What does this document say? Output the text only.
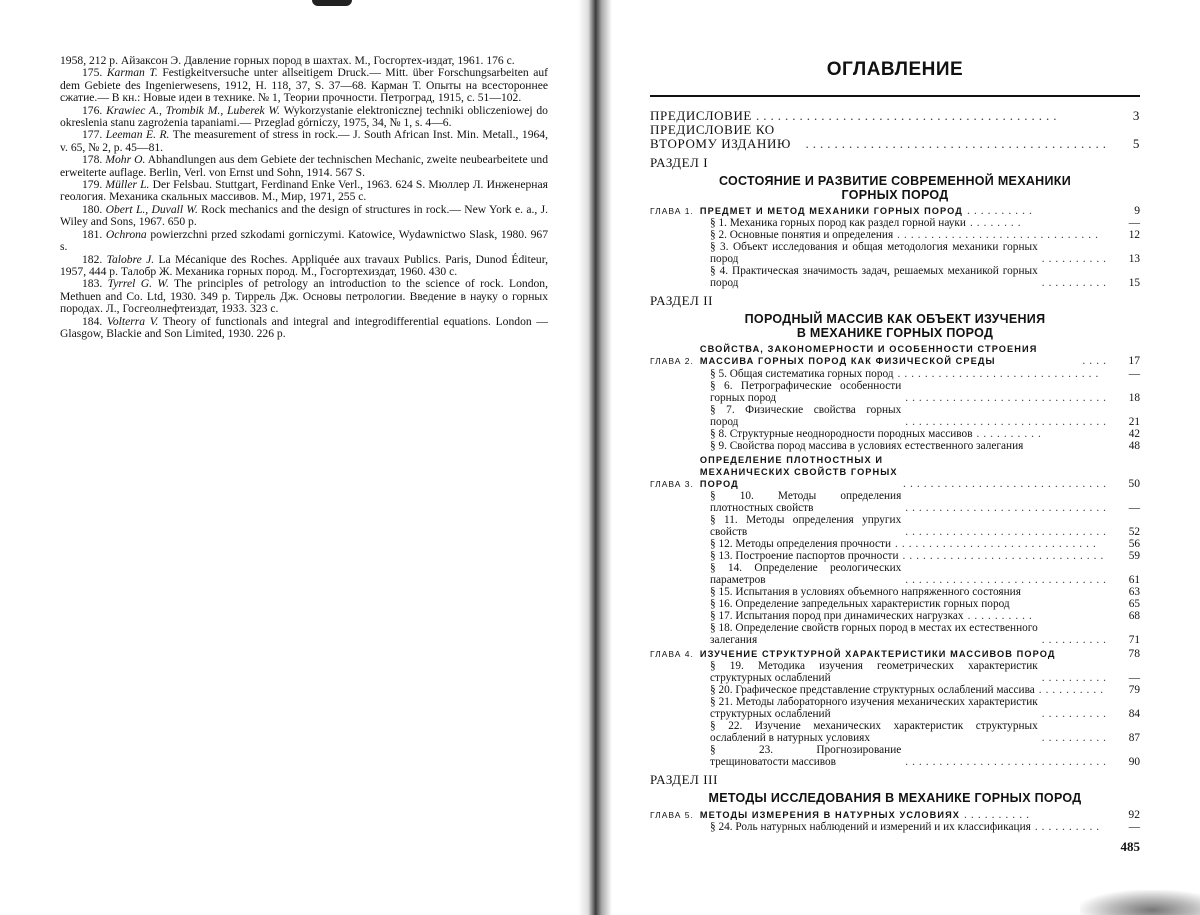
1958, 212 р. Айзаксон Э. Давление горных пород в шахтах. М., Госгортех-издат, 1961. 176 с.

175. Karman T. Festigkeitversuche unter allseitigem Druck.— Mitt. über Forschungsarbeiten auf dem Gebiete des Ingenierwesens, 1912, H. 118, 37, S. 37—68. Карман Т. Опыты на всестороннее сжатие.— В кн.: Новые идеи в технике. № 1, Теории прочности. Петроград, 1915, с. 51—102.

176. Krawiec A., Trombik M., Luberek W. Wykorzystanie elektronicznej techniki obliczeniowej do okreslenia stanu zagrożenia tapaniami.— Przeglad górniczy, 1975, 34, № 1, s. 4—6.

177. Leeman E. R. The measurement of stress in rock.— J. South African Inst. Min. Metall., 1964, v. 65, № 2, p. 45—81.

178. Mohr O. Abhandlungen aus dem Gebiete der technischen Mechanic, zweite neubearbeitete und erweiterte auflage. Berlin, Verl. von Ernst und Sohn, 1914. 567 S.

179. Müller L. Der Felsbau. Stuttgart, Ferdinand Enke Verl., 1963. 624 S. Мюллер Л. Инженерная геология. Механика скальных массивов. М., Мир, 1971, 255 с.

180. Obert L., Duvall W. Rock mechanics and the design of structures in rock.— New York e. a., J. Wiley and Sons, 1967. 650 p.

181. Ochrona powierzchni przed szkodami gorniczymi. Katowice, Wydawnictwo Slask, 1980. 967 s.

182. Talobre J. La Mécanique des Roches. Appliquée aux travaux Publics. Paris, Dunod Éditeur, 1957, 444 p. Талобр Ж. Механика горных пород. М., Госгортехиздат, 1960. 430 с.

183. Tyrrel G. W. The principles of petrology an introduction to the science of rock. London, Methuen and Co. Ltd, 1930. 349 p. Тиррель Дж. Основы петрологии. Введение в науку о горных породах. Л., Госгеолнефтеиздат, 1933. 323 с.

184. Volterra V. Theory of functionals and integral and integrodifferential equations. London — Glasgow, Blackie and Son Limited, 1930. 226 p.

ОГЛАВЛЕНИЕ
ПРЕДИСЛОВИЕ ..........................................	3
ПРЕДИСЛОВИЕ КО ВТОРОМУ ИЗДАНИЮ	..........................................	5
РАЗДЕЛ I
СОСТОЯНИЕ И РАЗВИТИЕ СОВРЕМЕННОЙ МЕХАНИКИ
ГОРНЫХ ПОРОД
ГЛАВА 1. ПРЕДМЕТ И МЕТОД МЕХАНИКИ ГОРНЫХ ПОРОД ..........	9
§ 1. Механика горных пород как раздел горной науки ........	—
§ 2. Основные понятия и определения ..............................	12
§ 3. Объект исследования и общая методология механики горных пород	..........	13
§ 4. Практическая значимость задач, решаемых механикой горных пород	..........	15
РАЗДЕЛ II
ПОРОДНЫЙ МАССИВ КАК ОБЪЕКТ ИЗУЧЕНИЯ
В МЕХАНИКЕ ГОРНЫХ ПОРОД
ГЛАВА 2.
СВОЙСТВА, ЗАКОНОМЕРНОСТИ И ОСОБЕННОСТИ СТРОЕНИЯ МАССИВА ГОРНЫХ ПОРОД КАК ФИЗИЧЕСКОЙ СРЕДЫ	....	17
§ 5. Общая систематика горных пород ..............................	—
§ 6. Петрографические особенности горных пород	..............................	18
§ 7. Физические свойства горных пород	..............................	21
§ 8. Структурные неоднородности породных массивов ..........	42
§ 9. Свойства пород массива в условиях естественного залегания	48
ГЛАВА 3.
ОПРЕДЕЛЕНИЕ ПЛОТНОСТНЫХ И МЕХАНИЧЕСКИХ СВОЙСТВ ГОРНЫХ ПОРОД	..............................	50
§ 10. Методы определения плотностных свойств	..............................	—
§ 11. Методы определения упругих свойств	..............................	52
§ 12. Методы определения прочности ..............................	56
§ 13. Построение паспортов прочности ..............................	59
§ 14. Определение реологических параметров	..............................	61
§ 15. Испытания в условиях объемного напряженного состояния	63
§ 16. Определение запредельных характеристик горных пород	65
§ 17. Испытания пород при динамических нагрузках ..........	68
§ 18. Определение свойств горных пород в местах их естественного залегания	..........	71
ГЛАВА 4. ИЗУЧЕНИЕ СТРУКТУРНОЙ ХАРАКТЕРИСТИКИ МАССИВОВ ПОРОД	78
§ 19. Методика изучения геометрических характеристик структурных ослаблений	..........	—
§ 20. Графическое представление структурных ослаблений массива ..........	79
§ 21. Методы лабораторного изучения механических характеристик структурных ослаблений	..........	84
§ 22. Изучение механических характеристик структурных ослаблений в натурных условиях	..........	87
§ 23. Прогнозирование трещиноватости массивов	..............................	90
РАЗДЕЛ III
МЕТОДЫ ИССЛЕДОВАНИЯ В МЕХАНИКЕ ГОРНЫХ ПОРОД
ГЛАВА 5. МЕТОДЫ ИЗМЕРЕНИЯ В НАТУРНЫХ УСЛОВИЯХ ..........	92
§ 24. Роль натурных наблюдений и измерений и их классификация ..........	—
485
